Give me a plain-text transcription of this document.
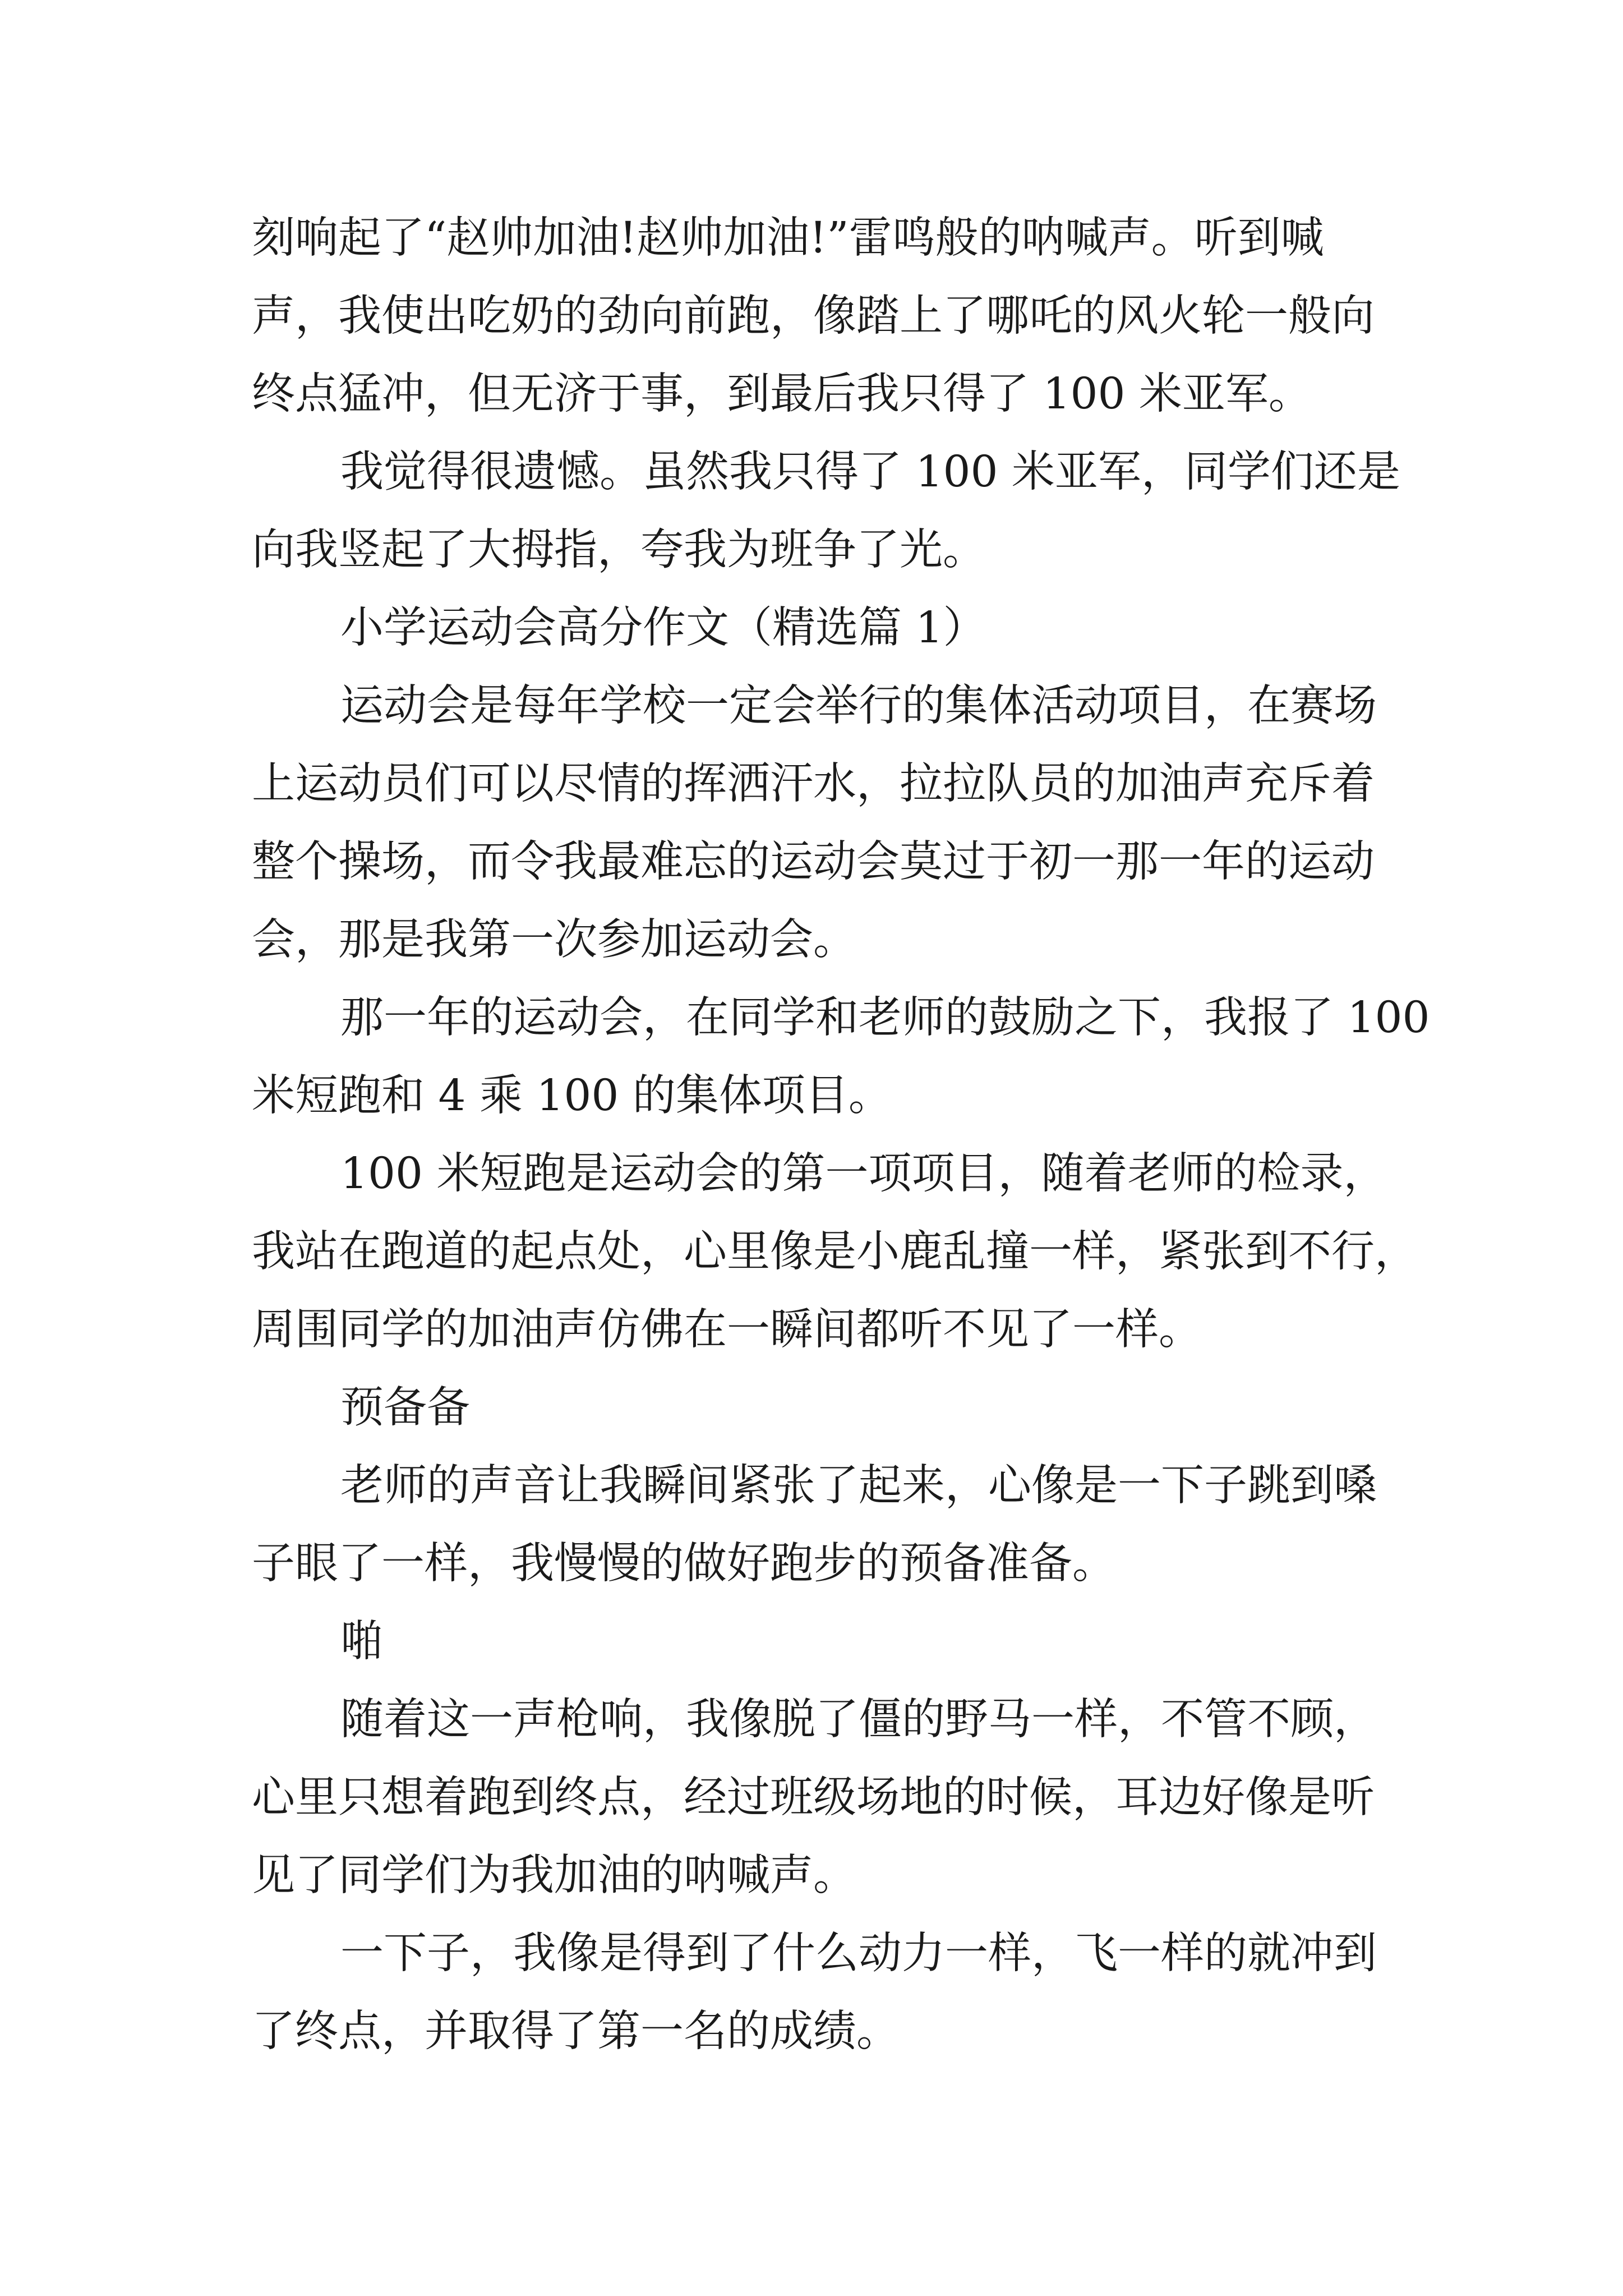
刻响起了“赵帅加油!赵帅加油!”雷鸣般的呐喊声。听到喊
声，我使出吃奶的劲向前跑，像踏上了哪吒的风火轮一般向
终点猛冲，但无济于事，到最后我只得了 100 米亚军。
我觉得很遗憾。虽然我只得了 100 米亚军，同学们还是
向我竖起了大拇指，夸我为班争了光。
小学运动会高分作文（精选篇 1）
运动会是每年学校一定会举行的集体活动项目，在赛场
上运动员们可以尽情的挥洒汗水，拉拉队员的加油声充斥着
整个操场，而令我最难忘的运动会莫过于初一那一年的运动
会，那是我第一次参加运动会。
那一年的运动会，在同学和老师的鼓励之下，我报了 100
米短跑和 4 乘 100 的集体项目。
100 米短跑是运动会的第一项项目，随着老师的检录，
我站在跑道的起点处，心里像是小鹿乱撞一样，紧张到不行，
周围同学的加油声仿佛在一瞬间都听不见了一样。
预备备
老师的声音让我瞬间紧张了起来，心像是一下子跳到嗓
子眼了一样，我慢慢的做好跑步的预备准备。
啪
随着这一声枪响，我像脱了僵的野马一样，不管不顾，
心里只想着跑到终点，经过班级场地的时候，耳边好像是听
见了同学们为我加油的呐喊声。
一下子，我像是得到了什么动力一样，飞一样的就冲到
了终点，并取得了第一名的成绩。
